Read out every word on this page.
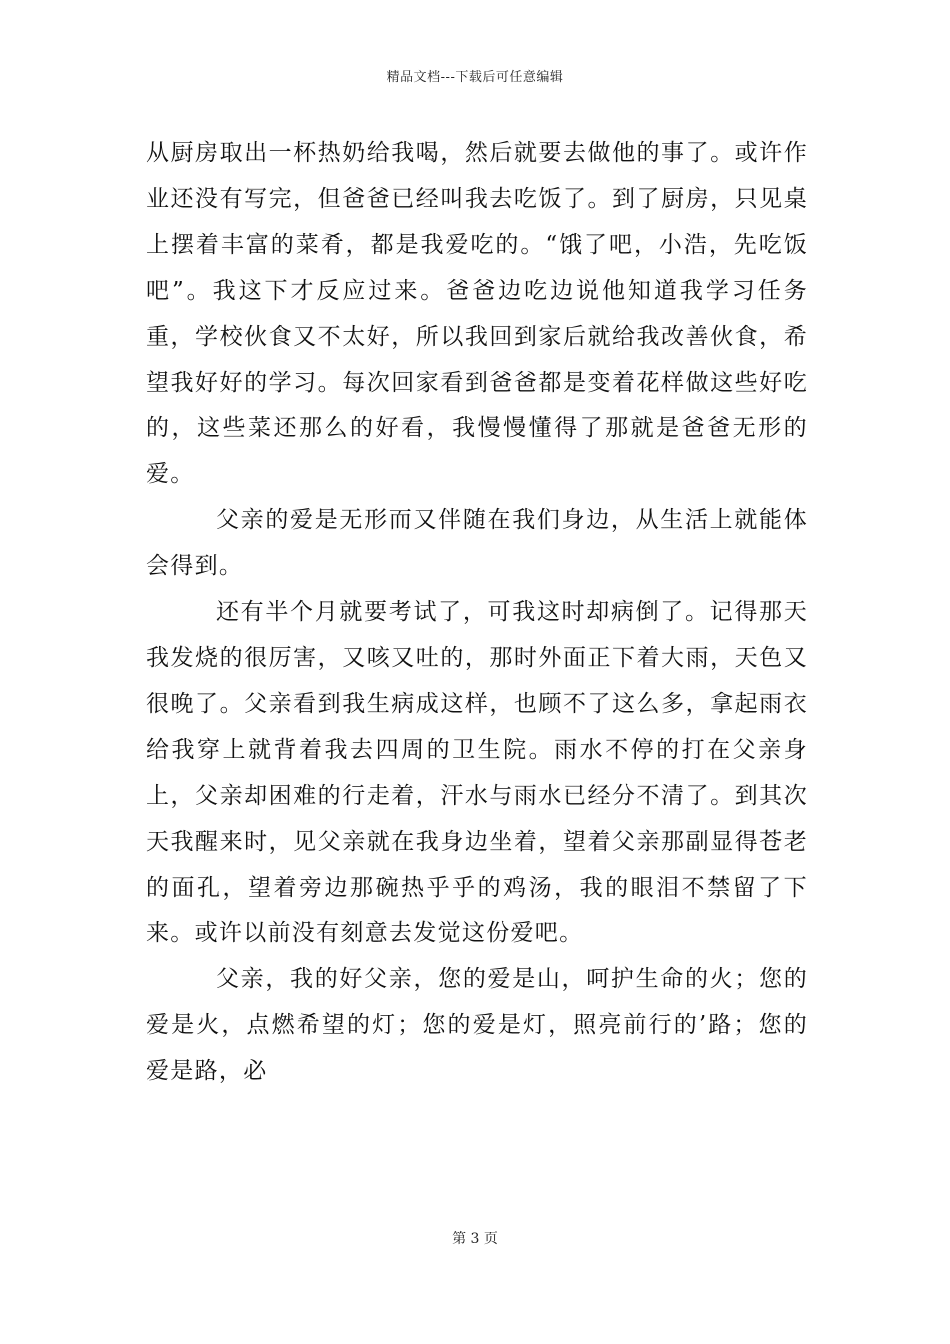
精品文档---下载后可任意编辑

从厨房取出一杯热奶给我喝，然后就要去做他的事了。或许作业还没有写完，但爸爸已经叫我去吃饭了。到了厨房，只见桌上摆着丰富的菜肴，都是我爱吃的。“饿了吧，小浩，先吃饭吧”。我这下才反应过来。爸爸边吃边说他知道我学习任务重，学校伙食又不太好，所以我回到家后就给我改善伙食，希望我好好的学习。每次回家看到爸爸都是变着花样做这些好吃的，这些菜还那么的好看，我慢慢懂得了那就是爸爸无形的爱。

父亲的爱是无形而又伴随在我们身边，从生活上就能体会得到。

还有半个月就要考试了，可我这时却病倒了。记得那天我发烧的很厉害，又咳又吐的，那时外面正下着大雨，天色又很晚了。父亲看到我生病成这样，也顾不了这么多，拿起雨衣给我穿上就背着我去四周的卫生院。雨水不停的打在父亲身上，父亲却困难的行走着，汗水与雨水已经分不清了。到其次天我醒来时，见父亲就在我身边坐着，望着父亲那副显得苍老的面孔，望着旁边那碗热乎乎的鸡汤，我的眼泪不禁留了下来。或许以前没有刻意去发觉这份爱吧。

父亲，我的好父亲，您的爱是山，呵护生命的火；您的爱是火，点燃希望的灯；您的爱是灯，照亮前行的’路；您的爱是路，必

第 3 页
